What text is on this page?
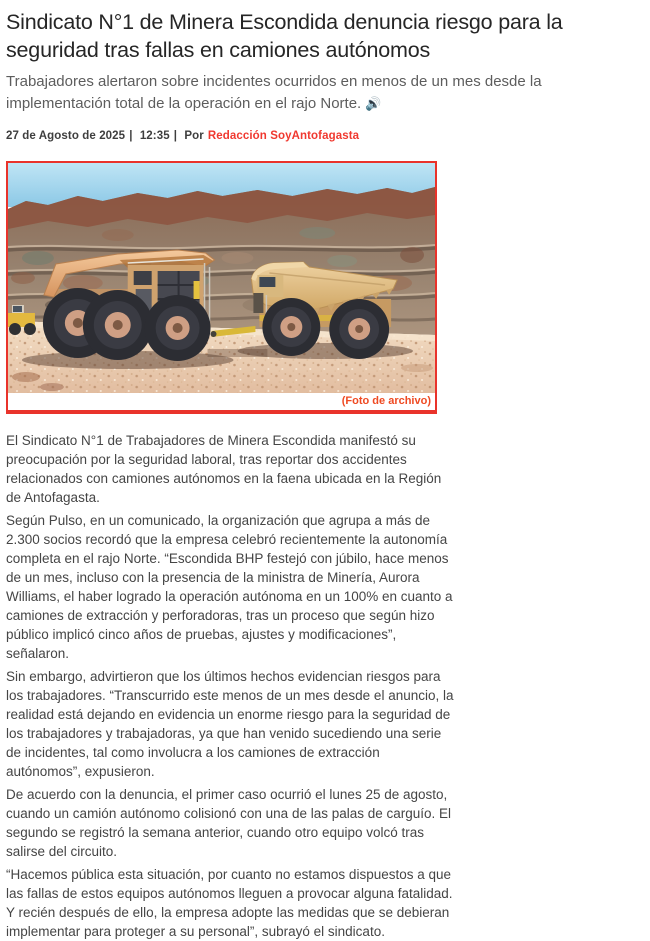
Sindicato N°1 de Minera Escondida denuncia riesgo para la seguridad tras fallas en camiones autónomos

Trabajadores alertaron sobre incidentes ocurridos en menos de un mes desde la implementación total de la operación en el rajo Norte. 🔊

27 de Agosto de 2025 | 12:35 | Por Redacción SoyAntofagasta
(Foto de archivo)

El Sindicato N°1 de Trabajadores de Minera Escondida manifestó su preocupación por la seguridad laboral, tras reportar dos accidentes relacionados con camiones autónomos en la faena ubicada en la Región de Antofagasta.

Según Pulso, en un comunicado, la organización que agrupa a más de 2.300 socios recordó que la empresa celebró recientemente la autonomía completa en el rajo Norte. “Escondida BHP festejó con júbilo, hace menos de un mes, incluso con la presencia de la ministra de Minería, Aurora Williams, el haber logrado la operación autónoma en un 100% en cuanto a camiones de extracción y perforadoras, tras un proceso que según hizo público implicó cinco años de pruebas, ajustes y modificaciones”, señalaron.

Sin embargo, advirtieron que los últimos hechos evidencian riesgos para los trabajadores. “Transcurrido este menos de un mes desde el anuncio, la realidad está dejando en evidencia un enorme riesgo para la seguridad de los trabajadores y trabajadoras, ya que han venido sucediendo una serie de incidentes, tal como involucra a los camiones de extracción autónomos”, expusieron.

De acuerdo con la denuncia, el primer caso ocurrió el lunes 25 de agosto, cuando un camión autónomo colisionó con una de las palas de carguío. El segundo se registró la semana anterior, cuando otro equipo volcó tras salirse del circuito.

“Hacemos pública esta situación, por cuanto no estamos dispuestos a que las fallas de estos equipos autónomos lleguen a provocar alguna fatalidad. Y recién después de ello, la empresa adopte las medidas que se debieran implementar para proteger a su personal”, subrayó el sindicato.
